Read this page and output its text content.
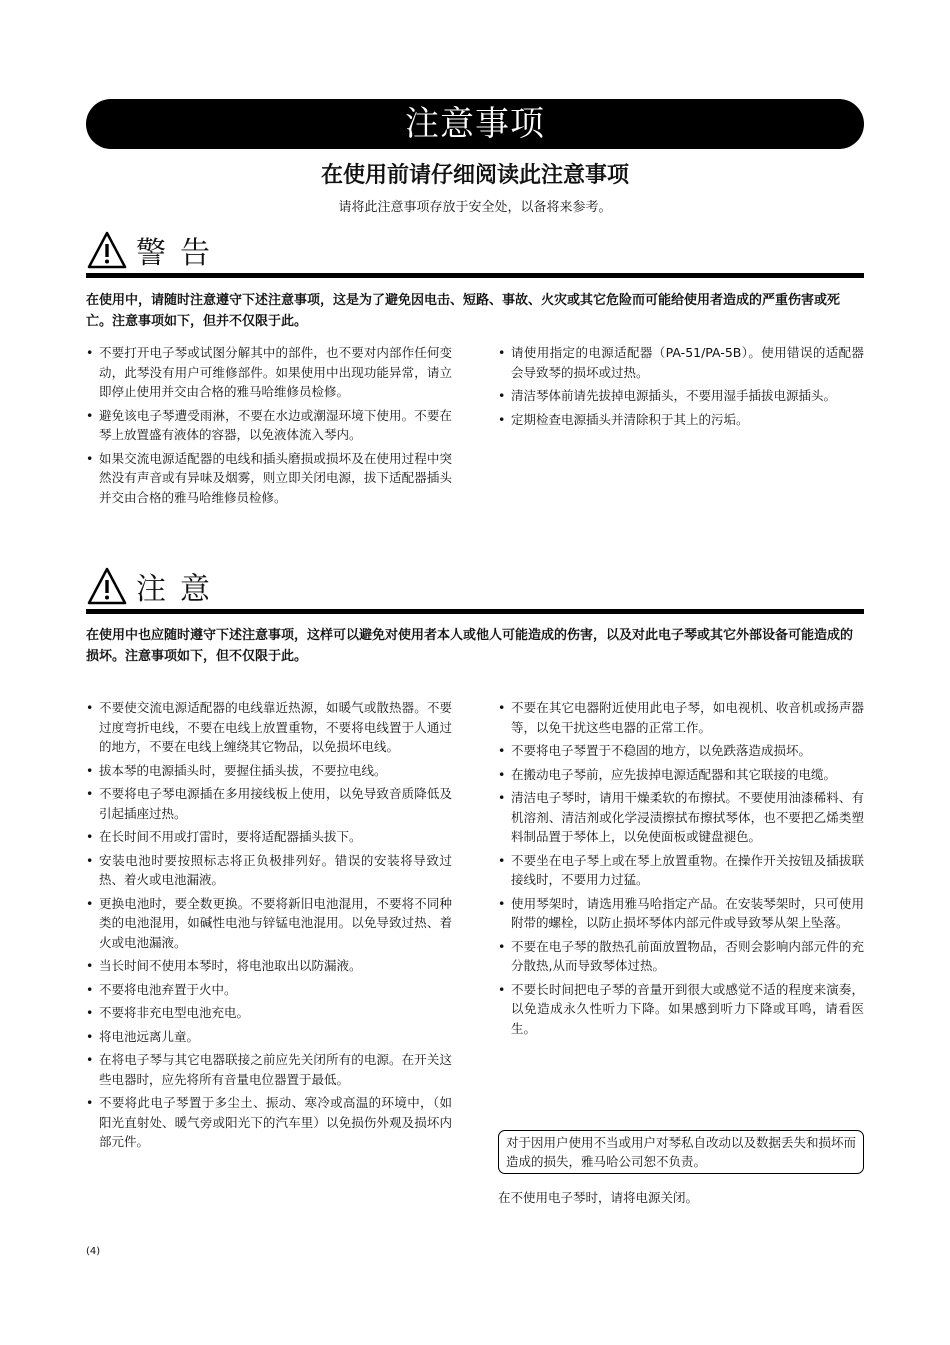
注意事项
在使用前请仔细阅读此注意事项
请将此注意事项存放于安全处，以备将来参考。
警告
在使用中，请随时注意遵守下述注意事项，这是为了避免因电击、短路、事故、火灾或其它危险而可能给使用者造成的严重伤害或死亡。注意事项如下，但并不仅限于此。
• 不要打开电子琴或试图分解其中的部件，也不要对内部作任何变动，此琴没有用户可维修部件。如果使用中出现功能异常，请立即停止使用并交由合格的雅马哈维修员检修。
• 避免该电子琴遭受雨淋，不要在水边或潮湿环境下使用。不要在琴上放置盛有液体的容器，以免液体流入琴内。
• 如果交流电源适配器的电线和插头磨损或损坏及在使用过程中突然没有声音或有异味及烟雾，则立即关闭电源，拔下适配器插头并交由合格的雅马哈维修员检修。
• 请使用指定的电源适配器（PA-51/PA-5B）。使用错误的适配器会导致琴的损坏或过热。
• 清洁琴体前请先拔掉电源插头，不要用湿手插拔电源插头。
• 定期检查电源插头并清除积于其上的污垢。
注意
在使用中也应随时遵守下述注意事项，这样可以避免对使用者本人或他人可能造成的伤害，以及对此电子琴或其它外部设备可能造成的损坏。注意事项如下，但不仅限于此。
• 不要使交流电源适配器的电线靠近热源，如暖气或散热器。不要过度弯折电线，不要在电线上放置重物，不要将电线置于人通过的地方，不要在电线上缠绕其它物品，以免损坏电线。
• 拔本琴的电源插头时，要握住插头拔，不要拉电线。
• 不要将电子琴电源插在多用接线板上使用，以免导致音质降低及引起插座过热。
• 在长时间不用或打雷时，要将适配器插头拔下。
• 安装电池时要按照标志将正负极排列好。错误的安装将导致过热、着火或电池漏液。
• 更换电池时，要全数更换。不要将新旧电池混用，不要将不同种类的电池混用，如碱性电池与锌锰电池混用。以免导致过热、着火或电池漏液。
• 当长时间不使用本琴时，将电池取出以防漏液。
• 不要将电池弃置于火中。
• 不要将非充电型电池充电。
• 将电池远离儿童。
• 在将电子琴与其它电器联接之前应先关闭所有的电源。在开关这些电器时，应先将所有音量电位器置于最低。
• 不要将此电子琴置于多尘土、振动、寒冷或高温的环境中，（如阳光直射处、暖气旁或阳光下的汽车里）以免损伤外观及损坏内部元件。
• 不要在其它电器附近使用此电子琴，如电视机、收音机或扬声器等，以免干扰这些电器的正常工作。
• 不要将电子琴置于不稳固的地方，以免跌落造成损坏。
• 在搬动电子琴前，应先拔掉电源适配器和其它联接的电缆。
• 清洁电子琴时，请用干燥柔软的布擦拭。不要使用油漆稀料、有机溶剂、清洁剂或化学浸渍擦拭布擦拭琴体，也不要把乙烯类塑料制品置于琴体上，以免使面板或键盘褪色。
• 不要坐在电子琴上或在琴上放置重物。在操作开关按钮及插拔联接线时，不要用力过猛。
• 使用琴架时，请选用雅马哈指定产品。在安装琴架时，只可使用附带的螺栓，以防止损坏琴体内部元件或导致琴从架上坠落。
• 不要在电子琴的散热孔前面放置物品，否则会影响内部元件的充分散热,从而导致琴体过热。
• 不要长时间把电子琴的音量开到很大或感觉不适的程度来演奏，以免造成永久性听力下降。如果感到听力下降或耳鸣，请看医生。
对于因用户使用不当或用户对琴私自改动以及数据丢失和损坏而造成的损失，雅马哈公司恕不负责。
在不使用电子琴时，请将电源关闭。
(4)
